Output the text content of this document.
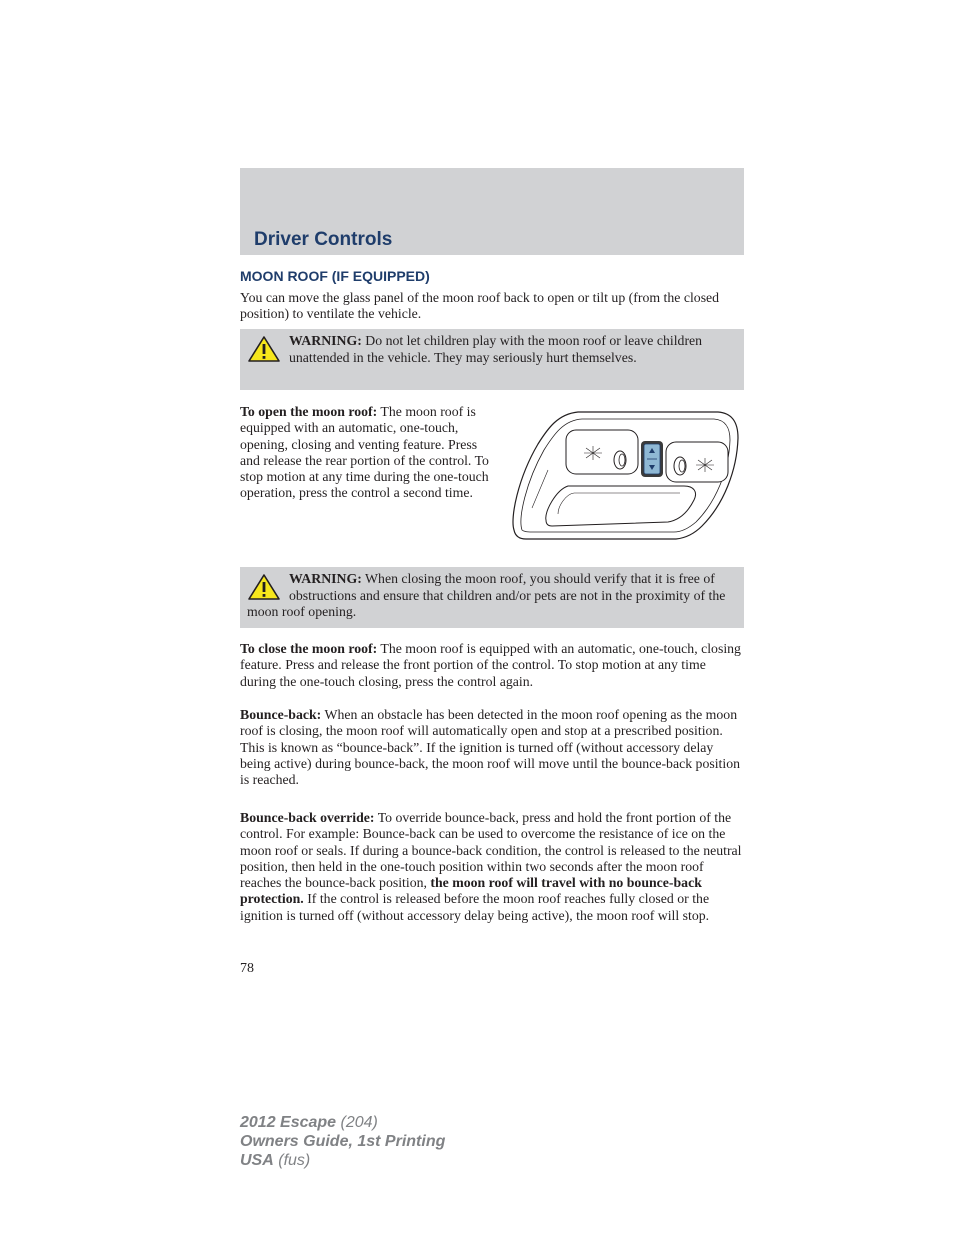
Driver Controls
MOON ROOF (IF EQUIPPED)
You can move the glass panel of the moon roof back to open or tilt up (from the closed position) to ventilate the vehicle.
WARNING: Do not let children play with the moon roof or leave children unattended in the vehicle. They may seriously hurt themselves.
To open the moon roof: The moon roof is equipped with an automatic, one-touch, opening, closing and venting feature. Press and release the rear portion of the control. To stop motion at any time during the one-touch operation, press the control a second time.
WARNING: When closing the moon roof, you should verify that it is free of obstructions and ensure that children and/or pets are not in the proximity of the moon roof opening.
To close the moon roof: The moon roof is equipped with an automatic, one-touch, closing feature. Press and release the front portion of the control. To stop motion at any time during the one-touch closing, press the control again.
Bounce-back: When an obstacle has been detected in the moon roof opening as the moon roof is closing, the moon roof will automatically open and stop at a prescribed position. This is known as “bounce-back”. If the ignition is turned off (without accessory delay being active) during bounce-back, the moon roof will move until the bounce-back position is reached.
Bounce-back override: To override bounce-back, press and hold the front portion of the control. For example: Bounce-back can be used to overcome the resistance of ice on the moon roof or seals. If during a bounce-back condition, the control is released to the neutral position, then held in the one-touch position within two seconds after the moon roof reaches the bounce-back position, the moon roof will travel with no bounce-back protection. If the control is released before the moon roof reaches fully closed or the ignition is turned off (without accessory delay being active), the moon roof will stop.
78
2012 Escape (204)
Owners Guide, 1st Printing
USA (fus)
